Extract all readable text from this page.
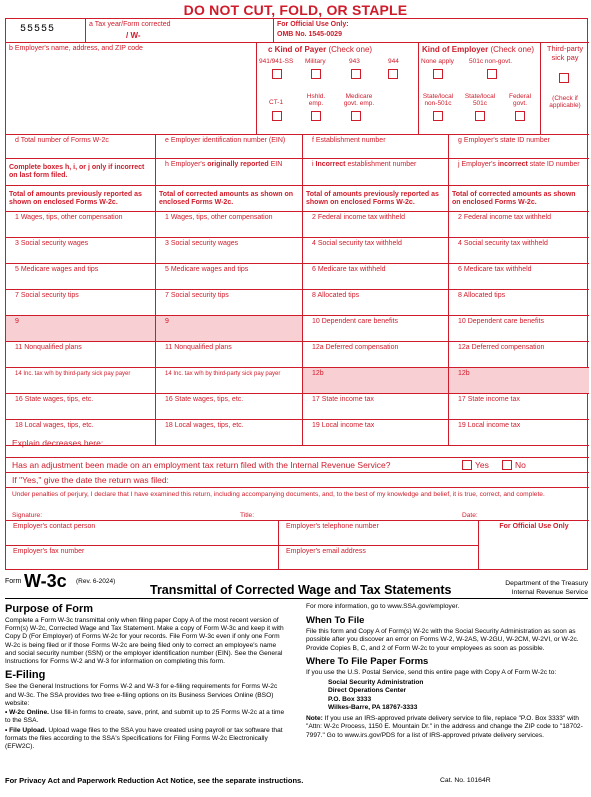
DO NOT CUT, FOLD, OR STAPLE
55555	a Tax year/Form corrected
/ W-
For Official Use Only:
OMB No. 1545-0029
b Employer's name, address, and ZIP code	c Kind of Payer (Check one)
941/941-SS Military	943	944
CT-1
Hshld. emp.
Medicare govt. emp.
Kind of Employer (Check one)
None apply 501c non-govt.
State/local non-501c
State/local 501c
Federal govt.
Third-party sick pay
(Check if applicable)
d Total number of Forms W-2c	e Employer identification number (EIN)	f Establishment number	g Employer's state ID number
Complete boxes h, i, or j only if incorrect on last form filed.
h Employer's originally reported EIN	i Incorrect establishment number	j Employer's incorrect state ID number
Total of amounts previously reported as shown on enclosed Forms W-2c.
Total of corrected amounts as shown on enclosed Forms W-2c.
Total of amounts previously reported as shown on enclosed Forms W-2c.
Total of corrected amounts as shown on enclosed Forms W-2c.
1 Wages, tips, other compensation	1 Wages, tips, other compensation	2 Federal income tax withheld	2 Federal income tax withheld
3 Social security wages	3 Social security wages	4 Social security tax withheld	4 Social security tax withheld
5 Medicare wages and tips	5 Medicare wages and tips	6 Medicare tax withheld	6 Medicare tax withheld
7 Social security tips	7 Social security tips	8 Allocated tips	8 Allocated tips
9	9	10 Dependent care benefits	10 Dependent care benefits
11 Nonqualified plans	11 Nonqualified plans	12a Deferred compensation	12a Deferred compensation
14 Inc. tax w/h by third-party sick pay payer	14 Inc. tax w/h by third-party sick pay payer	12b	12b
16 State wages, tips, etc.	16 State wages, tips, etc.	17 State income tax	17 State income tax
18 Local wages, tips, etc.	18 Local wages, tips, etc.	19 Local income tax	19 Local income tax
Explain decreases here:
Has an adjustment been made on an employment tax return filed with the Internal Revenue Service?	Yes	No
If "Yes," give the date the return was filed:
Under penalties of perjury, I declare that I have examined this return, including accompanying documents, and, to the best of my knowledge and belief, it is true, correct, and complete.
Signature:	Title:	Date:
Employer's contact person	Employer's telephone number	For Official Use Only
Employer's fax number	Employer's email address
Form W-3c (Rev. 6-2024)
Transmittal of Corrected Wage and Tax Statements	Department of the Treasury
Internal Revenue Service
Purpose of Form
Complete a Form W-3c transmittal only when filing paper Copy A of the most recent version of Form(s) W-2c, Corrected Wage and Tax Statement. Make a copy of Form W-3c and keep it with Copy D (For Employer) of Forms W-2c for your records. File Form W-3c even if only one Form W-2c is being filed or if those Forms W-2c are being filed only to correct an employee's name and social security number (SSN) or the employer identification number (EIN). See the General Instructions for Forms W-2 and W-3 for information on completing this form.
E-Filing
See the General Instructions for Forms W-2 and W-3 for e-filing requirements for Forms W-2c and W-3c. The SSA provides two free e-filing options on its Business Services Online (BSO) website:
• W-2c Online. Use fill-in forms to create, save, print, and submit up to 25 Forms W-2c at a time to the SSA.
• File Upload. Upload wage files to the SSA you have created using payroll or tax software that formats the files according to the SSA's Specifications for Filing Forms W-2c Electronically (EFW2C).
For more information, go to www.SSA.gov/employer.
When To File
File this form and Copy A of Form(s) W-2c with the Social Security Administration as soon as possible after you discover an error on Forms W-2, W-2AS, W-2GU, W-2CM, W-2VI, or W-2c. Provide Copies B, C, and 2 of Form W-2c to your employees as soon as possible.
Where To File Paper Forms
If you use the U.S. Postal Service, send this entire page with Copy A of Form W-2c to:
Social Security Administration
Direct Operations Center
P.O. Box 3333
Wilkes-Barre, PA 18767-3333
Note: If you use an IRS-approved private delivery service to file, replace "P.O. Box 3333" with "Attn: W-2c Process, 1150 E. Mountain Dr." in the address and change the ZIP code to "18702-7997." Go to www.irs.gov/PDS for a list of IRS-approved private delivery services.
For Privacy Act and Paperwork Reduction Act Notice, see the separate instructions.	Cat. No. 10164R
